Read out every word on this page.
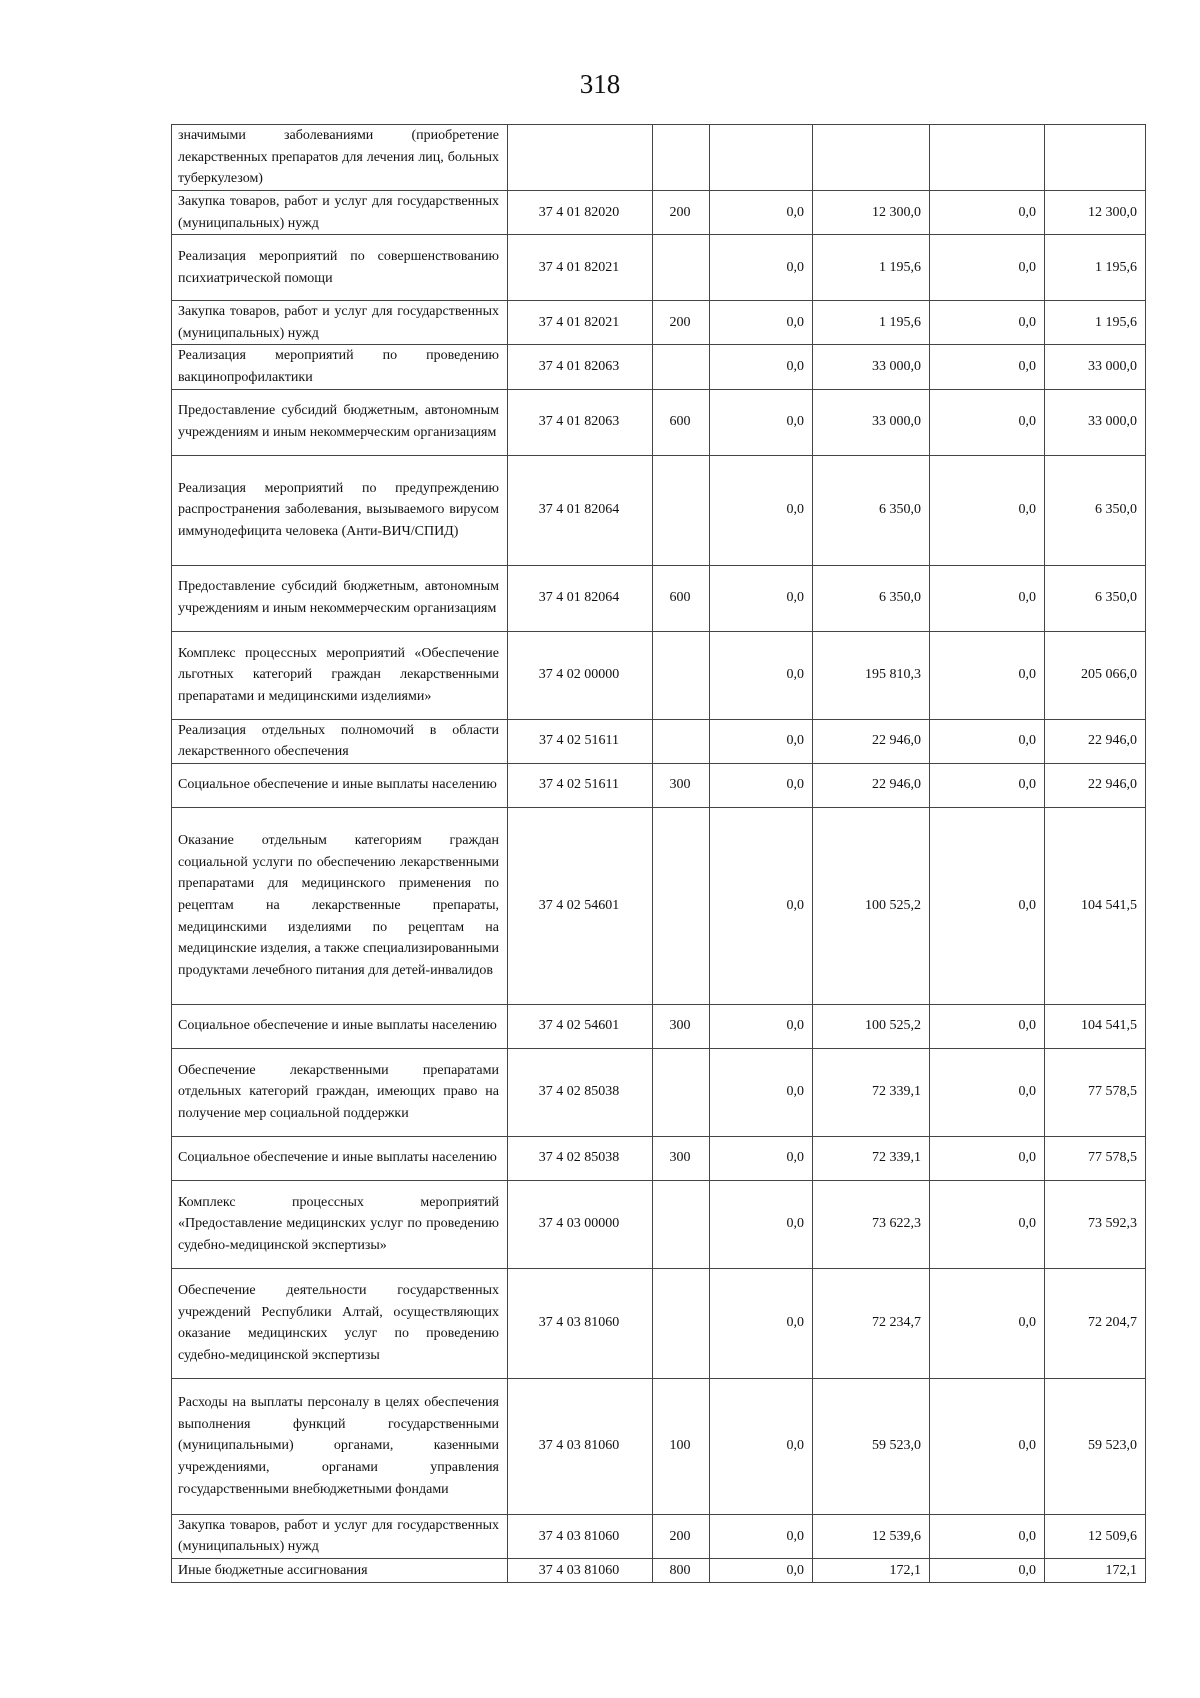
318
значимыми заболеваниями (приобретение лекарственных препаратов для лечения лиц, больных туберкулезом)						
Закупка товаров, работ и услуг для государственных (муниципальных) нужд	37 4 01 82020	200	0,0	12 300,0	0,0	12 300,0
Реализация мероприятий по совершенствованию психиатрической помощи	37 4 01 82021		0,0	1 195,6	0,0	1 195,6
Закупка товаров, работ и услуг для государственных (муниципальных) нужд	37 4 01 82021	200	0,0	1 195,6	0,0	1 195,6
Реализация мероприятий по проведению вакцинопрофилактики	37 4 01 82063		0,0	33 000,0	0,0	33 000,0
Предоставление субсидий бюджетным, автономным учреждениям и иным некоммерческим организациям	37 4 01 82063	600	0,0	33 000,0	0,0	33 000,0
Реализация мероприятий по предупреждению распространения заболевания, вызываемого вирусом иммунодефицита человека (Анти-ВИЧ/СПИД)	37 4 01 82064		0,0	6 350,0	0,0	6 350,0
Предоставление субсидий бюджетным, автономным учреждениям и иным некоммерческим организациям	37 4 01 82064	600	0,0	6 350,0	0,0	6 350,0
Комплекс процессных мероприятий «Обеспечение льготных категорий граждан лекарственными препаратами и медицинскими изделиями»	37 4 02 00000		0,0	195 810,3	0,0	205 066,0
Реализация отдельных полномочий в области лекарственного обеспечения	37 4 02 51611		0,0	22 946,0	0,0	22 946,0
Социальное обеспечение и иные выплаты населению	37 4 02 51611	300	0,0	22 946,0	0,0	22 946,0
Оказание отдельным категориям граждан социальной услуги по обеспечению лекарственными препаратами для медицинского применения по рецептам на лекарственные препараты, медицинскими изделиями по рецептам на медицинские изделия, а также специализированными продуктами лечебного питания для детей-инвалидов	37 4 02 54601		0,0	100 525,2	0,0	104 541,5
Социальное обеспечение и иные выплаты населению	37 4 02 54601	300	0,0	100 525,2	0,0	104 541,5
Обеспечение лекарственными препаратами отдельных категорий граждан, имеющих право на получение мер социальной поддержки	37 4 02 85038		0,0	72 339,1	0,0	77 578,5
Социальное обеспечение и иные выплаты населению	37 4 02 85038	300	0,0	72 339,1	0,0	77 578,5
Комплекс процессных мероприятий «Предоставление медицинских услуг по проведению судебно-медицинской экспертизы»	37 4 03 00000		0,0	73 622,3	0,0	73 592,3
Обеспечение деятельности государственных учреждений Республики Алтай, осуществляющих оказание медицинских услуг по проведению судебно-медицинской экспертизы	37 4 03 81060		0,0	72 234,7	0,0	72 204,7
Расходы на выплаты персоналу в целях обеспечения выполнения функций государственными (муниципальными) органами, казенными учреждениями, органами управления государственными внебюджетными фондами	37 4 03 81060	100	0,0	59 523,0	0,0	59 523,0
Закупка товаров, работ и услуг для государственных (муниципальных) нужд	37 4 03 81060	200	0,0	12 539,6	0,0	12 509,6
Иные бюджетные ассигнования	37 4 03 81060	800	0,0	172,1	0,0	172,1
